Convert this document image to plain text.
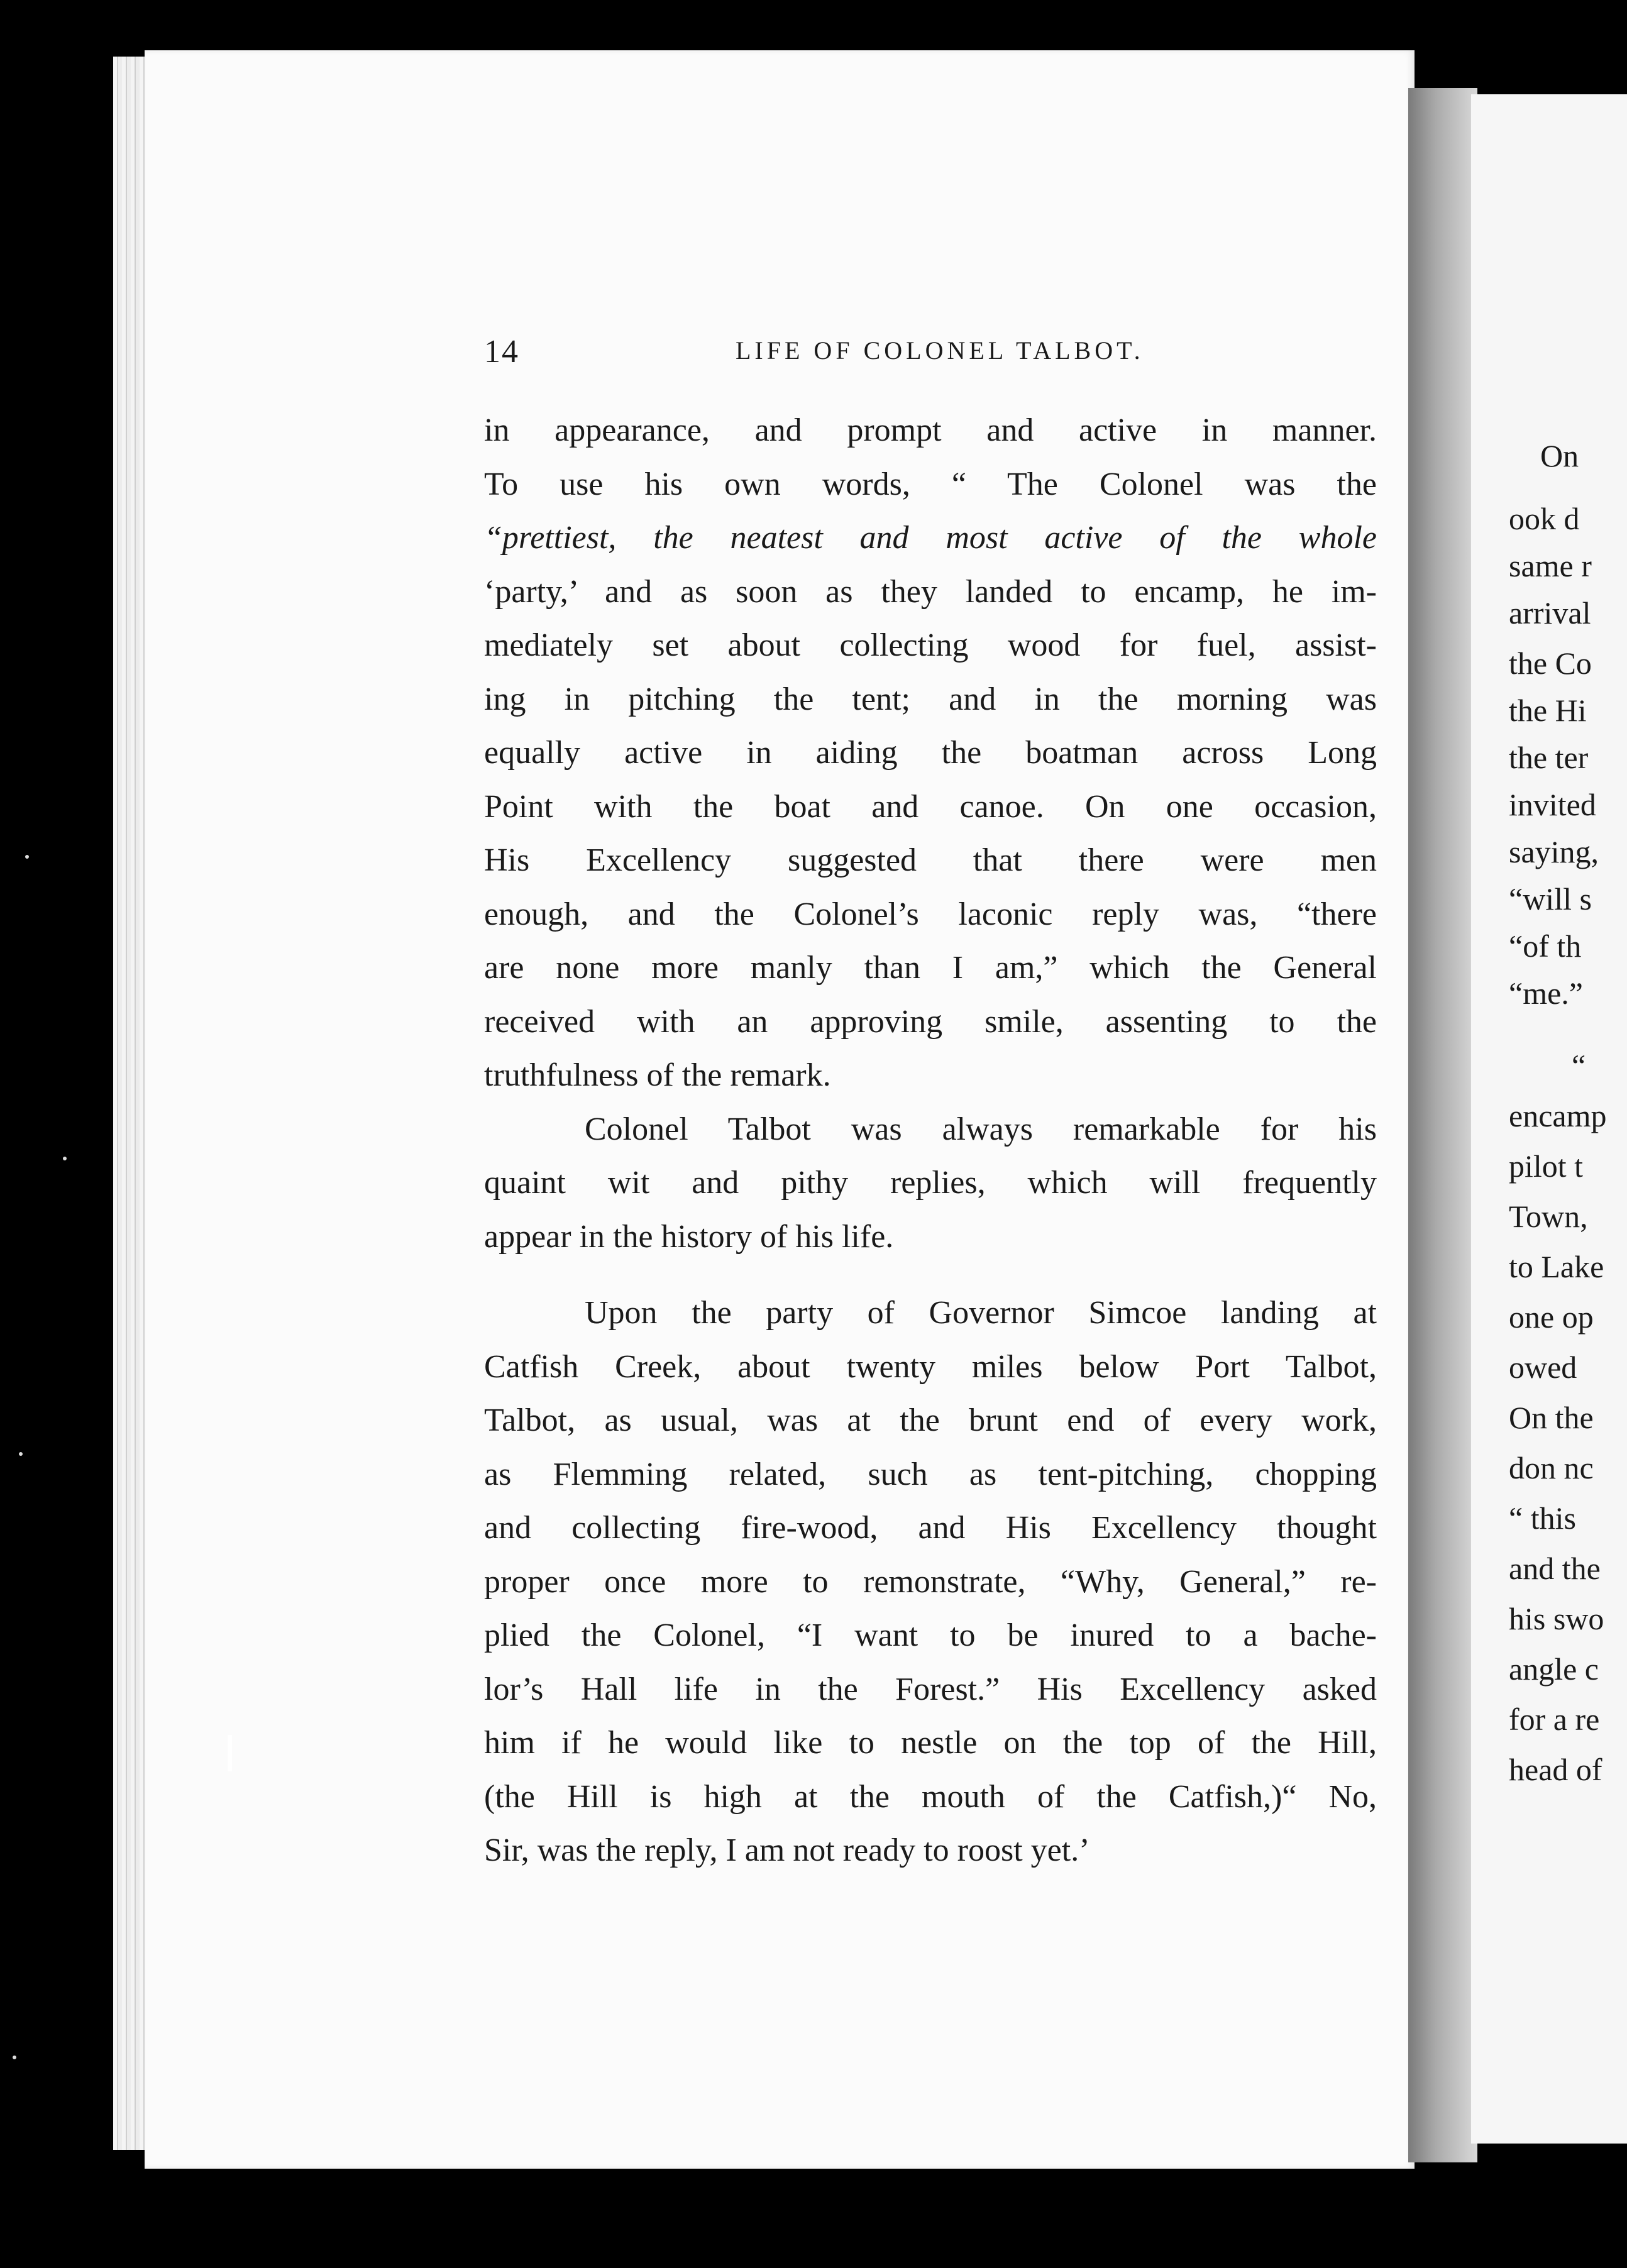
On
ook d
same r
arrival
the Co
the Hi
the ter
invited
saying,
“will s
“of th
“me.”
“
encamp
pilot t
Town,
to Lake
one op
owed
On the
don nc
“ this
and the
his swo
angle c
for a re
head of
14	LIFE OF COLONEL TALBOT.
in appearance, and prompt and active in manner.
To use his own words, “ The Colonel was the
“prettiest, the neatest and most active of the whole
‘party,’ and as soon as they landed to encamp, he im-
mediately set about collecting wood for fuel, assist-
ing in pitching the tent; and in the morning was
equally active in aiding the boatman across Long
Point with the boat and canoe. On one occasion,
His Excellency suggested that there were men
enough, and the Colonel’s laconic reply was, “there
are none more manly than I am,” which the General
received with an approving smile, assenting to the
truthfulness of the remark.
Colonel Talbot was always remarkable for his
quaint wit and pithy replies, which will frequently
appear in the history of his life.
Upon the party of Governor Simcoe landing at
Catfish Creek, about twenty miles below Port Talbot,
Talbot, as usual, was at the brunt end of every work,
as Flemming related, such as tent-pitching, chopping
and collecting fire-wood, and His Excellency thought
proper once more to remonstrate, “Why, General,” re-
plied the Colonel, “I want to be inured to a bache-
lor’s Hall life in the Forest.” His Excellency asked
him if he would like to nestle on the top of the Hill,
(the Hill is high at the mouth of the Catfish,)“ No,
Sir, was the reply, I am not ready to roost yet.’
